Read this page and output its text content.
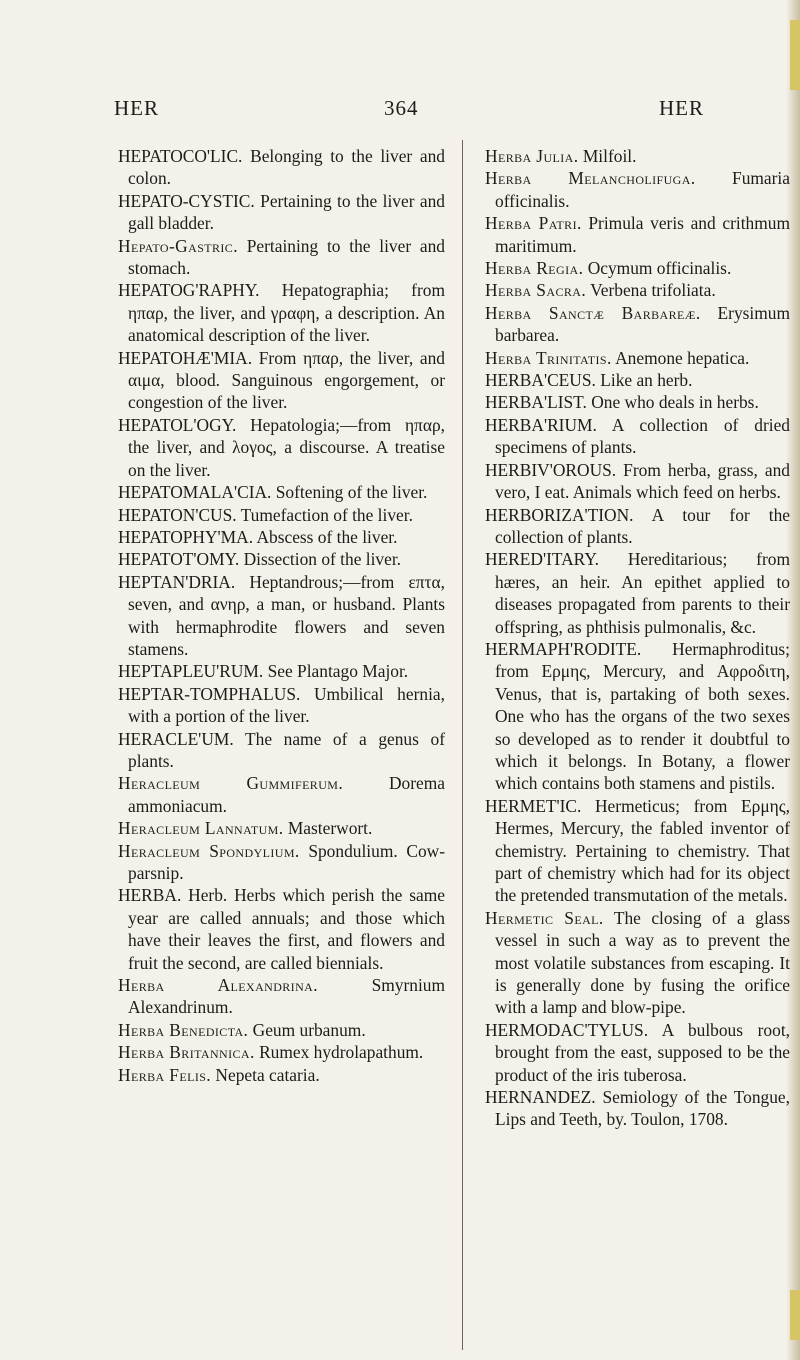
HER	364	HER

HEPATOCO'LIC. Belonging to the liver and colon.

HEPATO-CYSTIC. Pertaining to the liver and gall bladder.

Hepato-Gastric. Pertaining to the liver and stomach.

HEPATOG'RAPHY. Hepatographia; from ηπαρ, the liver, and γραφη, a description. An anatomical description of the liver.

HEPATOHÆ'MIA. From ηπαρ, the liver, and αιμα, blood. Sanguinous engorgement, or congestion of the liver.

HEPATOL'OGY. Hepatologia;—from ηπαρ, the liver, and λογος, a discourse. A treatise on the liver.

HEPATOMALA'CIA. Softening of the liver.

HEPATON'CUS. Tumefaction of the liver.

HEPATOPHY'MA. Abscess of the liver.

HEPATOT'OMY. Dissection of the liver.

HEPTAN'DRIA. Heptandrous;—from επτα, seven, and ανηρ, a man, or husband. Plants with hermaphrodite flowers and seven stamens.

HEPTAPLEU'RUM. See Plantago Major.

HEPTAR-TOMPHALUS. Umbilical hernia, with a portion of the liver.

HERACLE'UM. The name of a genus of plants.

Heracleum Gummiferum.	Dorema ammoniacum.

Heracleum Lannatum. Masterwort.

Heracleum Spondylium. Spondulium. Cow-parsnip.

HERBA. Herb. Herbs which perish the same year are called annuals; and those which have their leaves the first, and flowers and fruit the second, are called biennials.

Herba Alexandrina.	Smyrnium Alexandrinum.

Herba Benedicta. Geum urbanum.

Herba Britannica. Rumex hydrolapathum.

Herba Felis. Nepeta cataria.

Herba Julia. Milfoil.

Herba Melancholifuga. Fumaria officinalis.

Herba Patri. Primula veris and crithmum maritimum.

Herba Regia. Ocymum officinalis.

Herba Sacra. Verbena trifoliata.

Herba Sanctæ Barbareæ. Erysimum barbarea.

Herba Trinitatis. Anemone hepatica.

HERBA'CEUS. Like an herb.

HERBA'LIST. One who deals in herbs.

HERBA'RIUM. A collection of dried specimens of plants.

HERBIV'OROUS. From herba, grass, and vero, I eat. Animals which feed on herbs.

HERBORIZA'TION. A tour for the collection of plants.

HERED'ITARY. Hereditarious; from hæres, an heir. An epithet applied to diseases propagated from parents to their offspring, as phthisis pulmonalis, &c.

HERMAPH'RODITE. Hermaphroditus; from Ερμης, Mercury, and Αφροδιτη, Venus, that is, partaking of both sexes. One who has the organs of the two sexes so developed as to render it doubtful to which it belongs. In Botany, a flower which contains both stamens and pistils.

HERMET'IC. Hermeticus; from Ερμης, Hermes, Mercury, the fabled inventor of chemistry. Pertaining to chemistry. That part of chemistry which had for its object the pretended transmutation of the metals.

Hermetic Seal. The closing of a glass vessel in such a way as to prevent the most volatile substances from escaping. It is generally done by fusing the orifice with a lamp and blow-pipe.

HERMODAC'TYLUS. A bulbous root, brought from the east, supposed to be the product of the iris tuberosa.

HERNANDEZ. Semiology of the Tongue, Lips and Teeth, by. Toulon, 1708.
